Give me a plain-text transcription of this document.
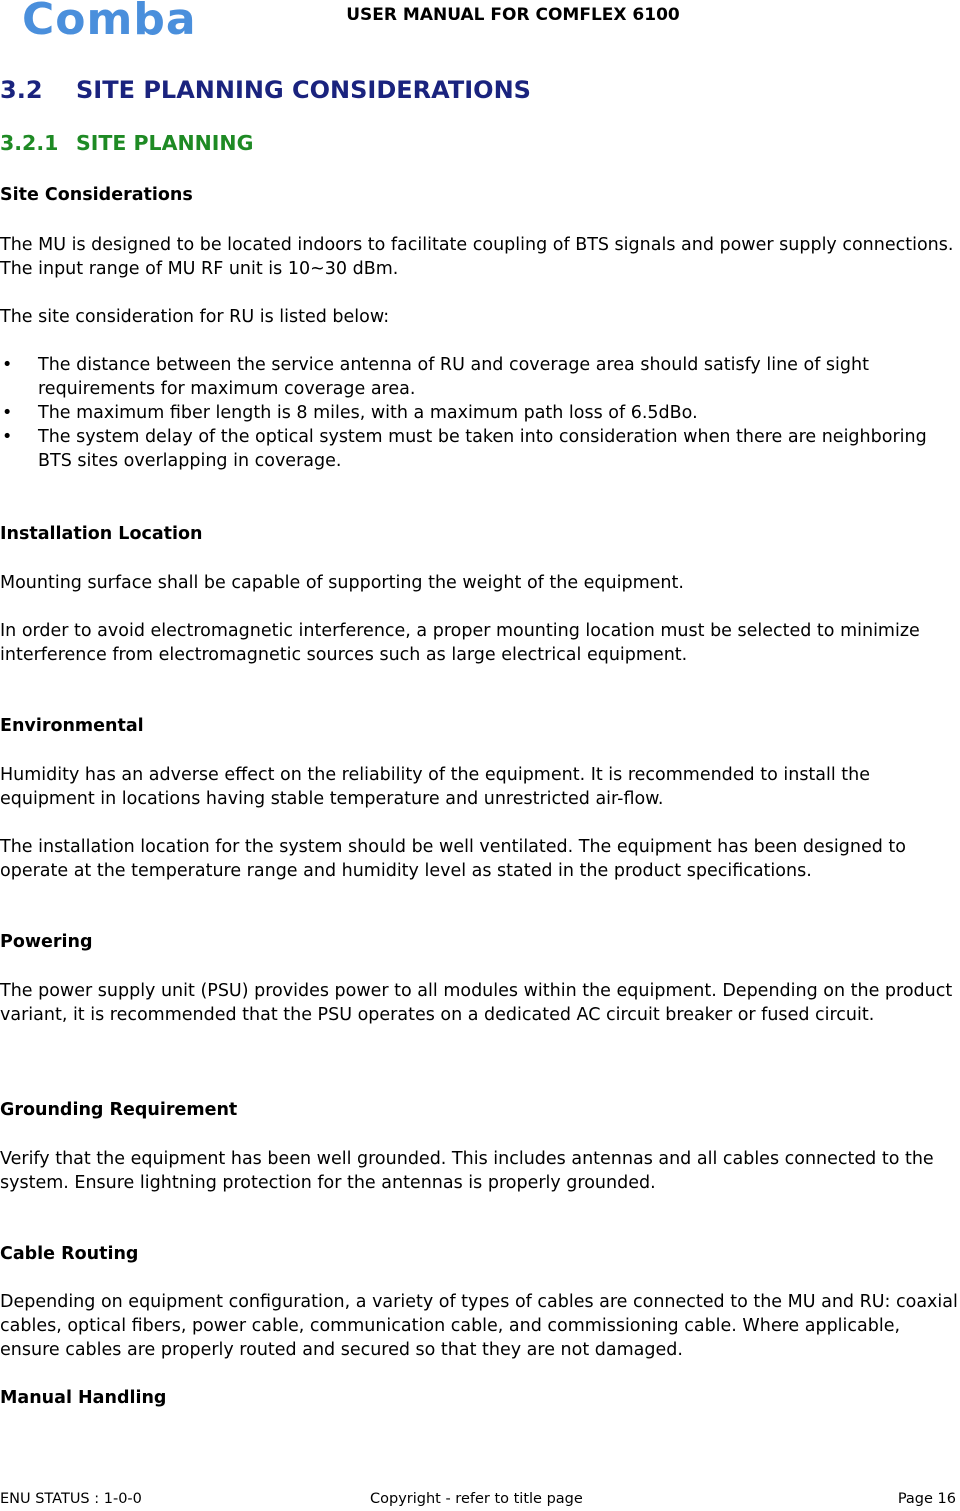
Comba	USER MANUAL FOR COMFLEX 6100
3.2 SITE PLANNING CONSIDERATIONS
3.2.1 SITE PLANNING

Site Considerations

The MU is designed to be located indoors to facilitate coupling of BTS signals and power supply connections. The input range of MU RF unit is 10~30 dBm.

The site consideration for RU is listed below:

• The distance between the service antenna of RU and coverage area should satisfy line of sight requirements for maximum coverage area.
• The maximum fiber length is 8 miles, with a maximum path loss of 6.5dBo.
• The system delay of the optical system must be taken into consideration when there are neighboring BTS sites overlapping in coverage.

Installation Location

Mounting surface shall be capable of supporting the weight of the equipment.

In order to avoid electromagnetic interference, a proper mounting location must be selected to minimize interference from electromagnetic sources such as large electrical equipment.

Environmental

Humidity has an adverse effect on the reliability of the equipment. It is recommended to install the equipment in locations having stable temperature and unrestricted air-flow.

The installation location for the system should be well ventilated. The equipment has been designed to operate at the temperature range and humidity level as stated in the product specifications.

Powering

The power supply unit (PSU) provides power to all modules within the equipment. Depending on the product variant, it is recommended that the PSU operates on a dedicated AC circuit breaker or fused circuit.

Grounding Requirement

Verify that the equipment has been well grounded. This includes antennas and all cables connected to the system. Ensure lightning protection for the antennas is properly grounded.

Cable Routing

Depending on equipment configuration, a variety of types of cables are connected to the MU and RU: coaxial cables, optical fibers, power cable, communication cable, and commissioning cable. Where applicable, ensure cables are properly routed and secured so that they are not damaged.

Manual Handling

ENU STATUS : 1-0-0	Copyright - refer to title page	Page 16
